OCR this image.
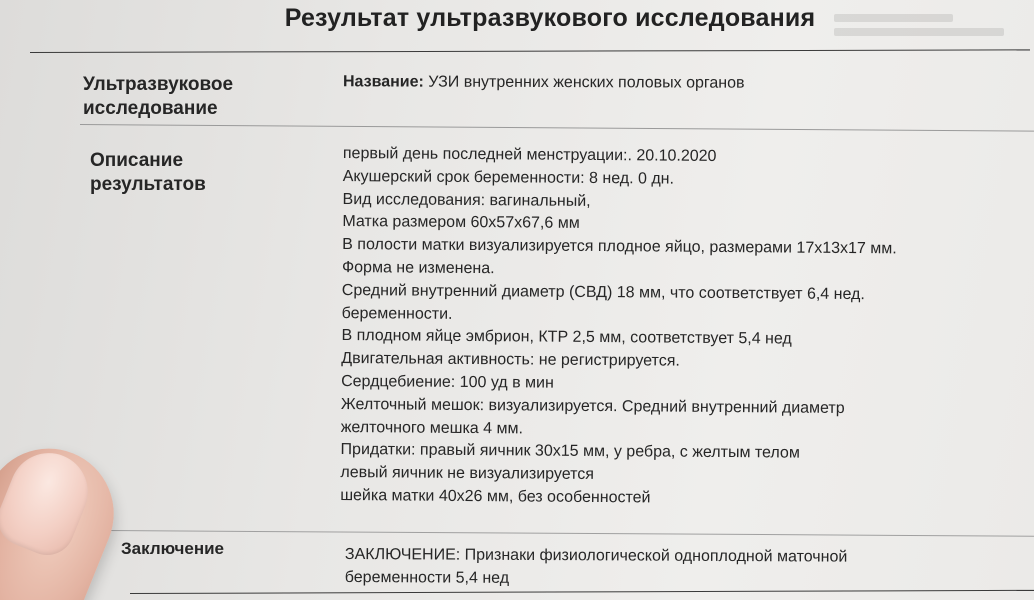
Результат ультразвукового исследования
Ультразвуковое
исследование
Название: УЗИ внутренних женских половых органов
Описание
результатов
первый день последней менструации:. 20.10.2020
Акушерский срок беременности: 8 нед. 0 дн.
Вид исследования: вагинальный,
Матка размером 60х57х67,6 мм
В полости матки визуализируется плодное яйцо, размерами 17х13х17 мм.
Форма не изменена.
Средний внутренний диаметр (СВД) 18 мм, что соответствует 6,4 нед.
беременности.
В плодном яйце эмбрион, КТР 2,5 мм, соответствует 5,4 нед
Двигательная активность: не регистрируется.
Сердцебиение: 100 уд в мин
Желточный мешок: визуализируется. Средний внутренний диаметр
желточного мешка 4 мм.
Придатки: правый яичник 30х15 мм, у ребра, с желтым телом
левый яичник не визуализируется
шейка матки 40х26 мм, без особенностей
Заключение	ЗАКЛЮЧЕНИЕ: Признаки физиологической одноплодной маточной
беременности 5,4 нед
